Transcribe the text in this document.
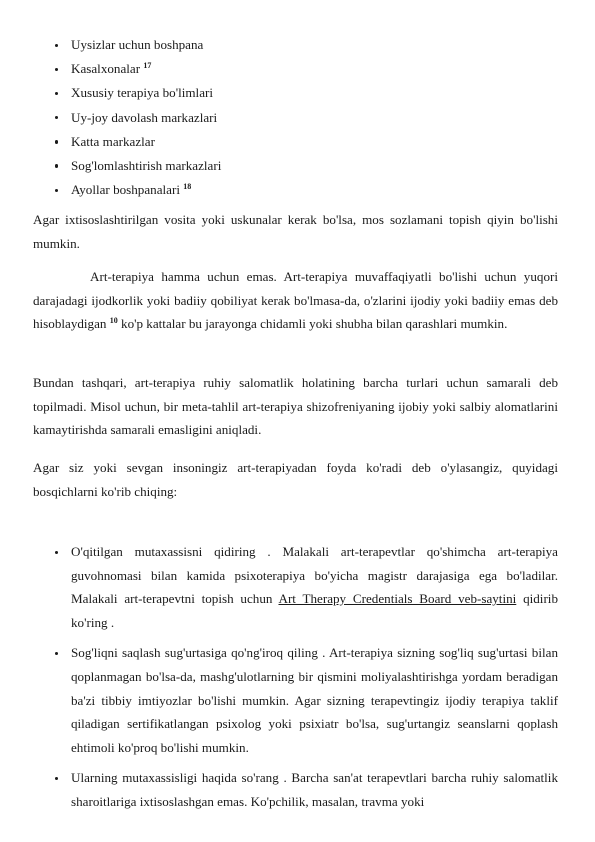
Uysizlar uchun boshpana
Kasalxonalar $^{17}$
Xususiy terapiya bo'limlari
Uy-joy davolash markazlari
Katta markazlar
Sog'lomlashtirish markazlari
Ayollar boshpanalari $^{18}$

Agar ixtisoslashtirilgan vosita yoki uskunalar kerak bo'lsa, mos sozlamani topish qiyin bo'lishi mumkin.

Art-terapiya hamma uchun emas. Art-terapiya muvaffaqiyatli bo'lishi uchun yuqori darajadagi ijodkorlik yoki badiiy qobiliyat kerak bo'lmasa-da, o'zlarini ijodiy yoki badiiy emas deb hisoblaydigan $^{10}$ ko'p kattalar bu jarayonga chidamli yoki shubha bilan qarashlari mumkin.

Bundan tashqari, art-terapiya ruhiy salomatlik holatining barcha turlari uchun samarali deb topilmadi. Misol uchun, bir meta-tahlil art-terapiya shizofreniyaning ijobiy yoki salbiy alomatlarini kamaytirishda samarali emasligini aniqladi.

Agar siz yoki sevgan insoningiz art-terapiyadan foyda ko'radi deb o'ylasangiz, quyidagi bosqichlarni ko'rib chiqing:

O'qitilgan mutaxassisni qidiring . Malakali art-terapevtlar qo'shimcha art-terapiya guvohnomasi bilan kamida psixoterapiya bo'yicha magistr darajasiga ega bo'ladilar. Malakali art-terapevtni topish uchun Art Therapy Credentials Board veb-saytini qidirib ko'ring .
Sog'liqni saqlash sug'urtasiga qo'ng'iroq qiling . Art-terapiya sizning sog'liq sug'urtasi bilan qoplanmagan bo'lsa-da, mashg'ulotlarning bir qismini moliyalashtirishga yordam beradigan ba'zi tibbiy imtiyozlar bo'lishi mumkin. Agar sizning terapevtingiz ijodiy terapiya taklif qiladigan sertifikatlangan psixolog yoki psixiatr bo'lsa, sug'urtangiz seanslarni qoplash ehtimoli ko'proq bo'lishi mumkin.
Ularning mutaxassisligi haqida so'rang . Barcha san'at terapevtlari barcha ruhiy salomatlik sharoitlariga ixtisoslashgan emas. Ko'pchilik, masalan, travma yoki
